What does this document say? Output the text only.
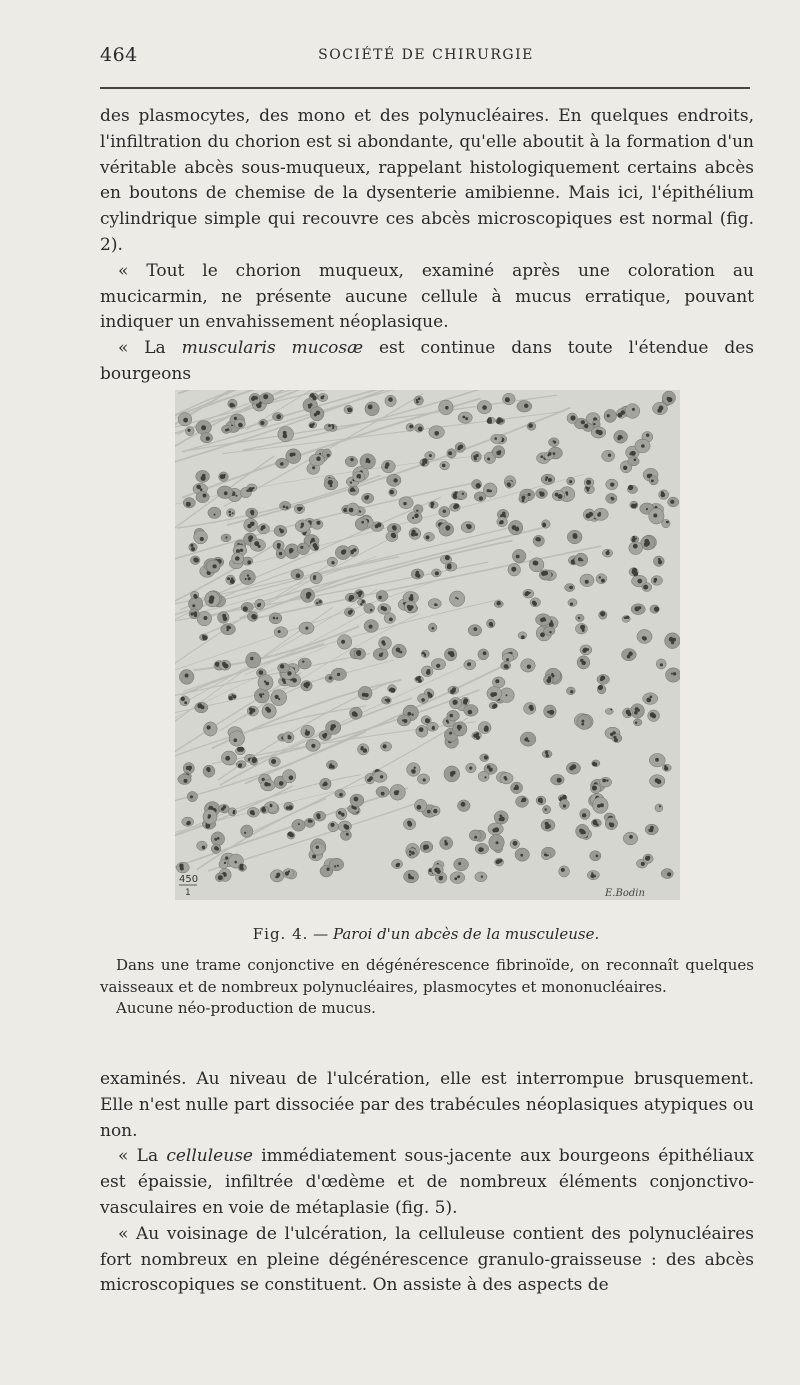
464	SOCIÉTÉ DE CHIRURGIE

des plasmocytes, des mono et des polynucléaires. En quelques endroits, l'infiltration du chorion est si abondante, qu'elle aboutit à la formation d'un véritable abcès sous-muqueux, rappelant histologiquement certains abcès en boutons de chemise de la dysenterie amibienne. Mais ici, l'épithélium cylindrique simple qui recouvre ces abcès microscopiques est normal (fig. 2).

« Tout le chorion muqueux, examiné après une coloration au mucicarmin, ne présente aucune cellule à mucus erratique, pouvant indiquer un envahissement néoplasique.

« La muscularis mucosæ est continue dans toute l'étendue des bourgeons

450
1	E.Bodin
Fig. 4. — Paroi d'un abcès de la musculeuse.

Dans une trame conjonctive en dégénérescence fibrinoïde, on reconnaît quelques vaisseaux et de nombreux polynucléaires, plasmocytes et mononucléaires.

Aucune néo-production de mucus.

examinés. Au niveau de l'ulcération, elle est interrompue brusquement. Elle n'est nulle part dissociée par des trabécules néoplasiques atypiques ou non.

« La celluleuse immédiatement sous-jacente aux bourgeons épithéliaux est épaissie, infiltrée d'œdème et de nombreux éléments conjonctivo-vasculaires en voie de métaplasie (fig. 5).

« Au voisinage de l'ulcération, la celluleuse contient des polynucléaires fort nombreux en pleine dégénérescence granulo-graisseuse : des abcès microscopiques se constituent. On assiste à des aspects de
